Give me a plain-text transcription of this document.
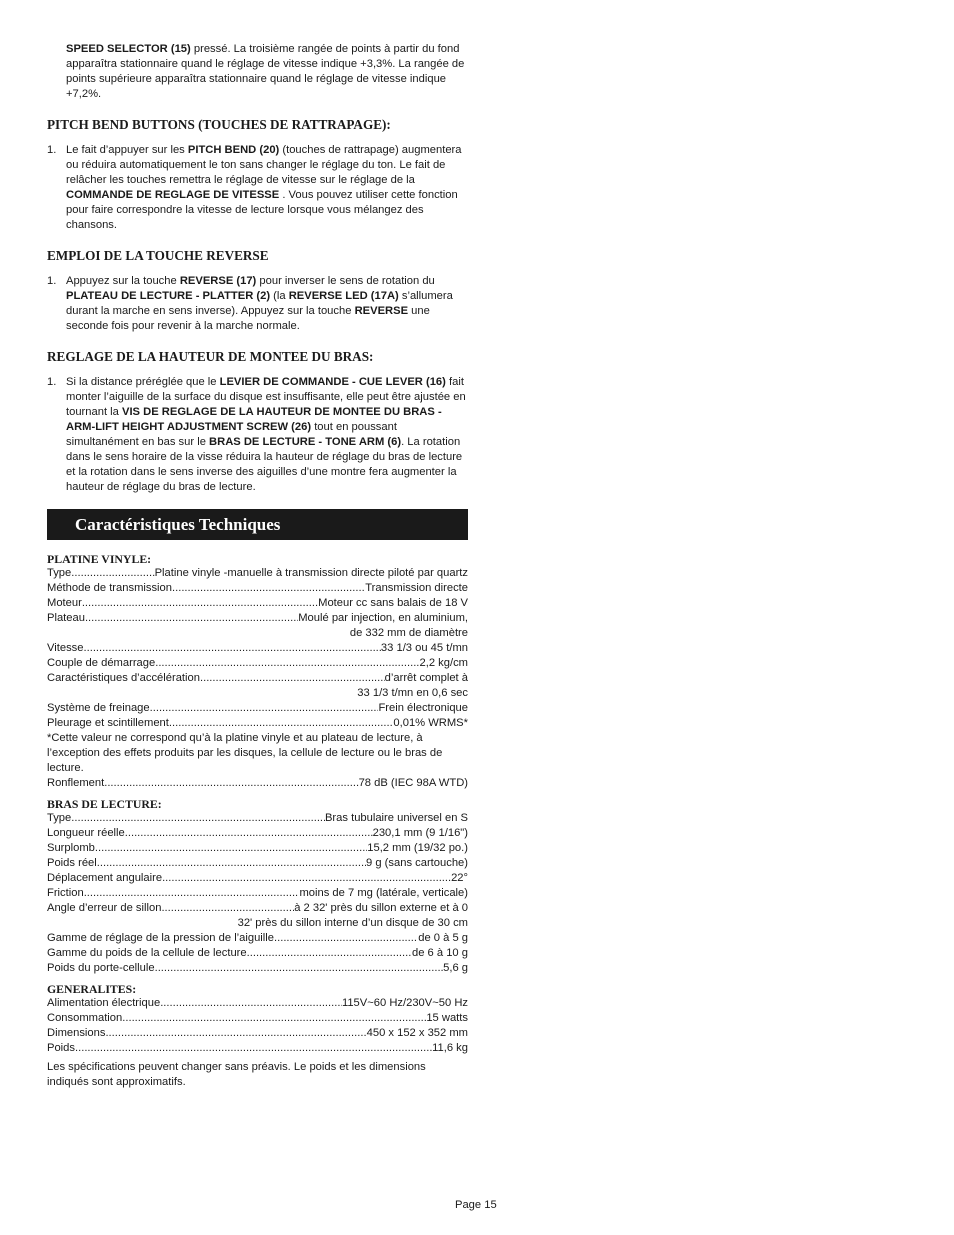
SPEED SELECTOR (15) pressé. La troisième rangée de points à partir du fond apparaîtra stationnaire quand le réglage de vitesse indique +3,3%. La rangée de points supérieure apparaîtra stationnaire quand le réglage de vitesse indique +7,2%.

PITCH BEND BUTTONS (TOUCHES DE RATTRAPAGE):
1. Le fait d’appuyer sur les PITCH BEND (20) (touches de rattrapage) augmentera ou réduira automatiquement le ton sans changer le réglage du ton. Le fait de relâcher les touches remettra le réglage de vitesse sur le réglage de la COMMANDE DE REGLAGE DE VITESSE . Vous pouvez utiliser cette fonction pour faire correspondre la vitesse de lecture lorsque vous mélangez des chansons.
EMPLOI DE LA TOUCHE REVERSE
1. Appuyez sur la touche REVERSE (17) pour inverser le sens de rotation du PLATEAU DE LECTURE - PLATTER (2) (la REVERSE LED (17A) s’allumera durant la marche en sens inverse). Appuyez sur la touche REVERSE une seconde fois pour revenir à la marche normale.
REGLAGE DE LA HAUTEUR DE MONTEE DU BRAS:
1. Si la distance préréglée que le LEVIER DE COMMANDE - CUE LEVER (16) fait monter l’aiguille de la surface du disque est insuffisante, elle peut être ajustée en tournant la VIS DE REGLAGE DE LA HAUTEUR DE MONTEE DU BRAS - ARM-LIFT HEIGHT ADJUSTMENT SCREW (26) tout en poussant simultanément en bas sur le BRAS DE LECTURE - TONE ARM (6). La rotation dans le sens horaire de la visse réduira la hauteur de réglage du bras de lecture et la rotation dans le sens inverse des aiguilles d’une montre fera augmenter la hauteur de réglage du bras de lecture.
Caractéristiques Techniques
PLATINE VINYLE:
Type .....	Platine vinyle -manuelle à transmission directe piloté par quartz
Méthode de transmission .....	Transmission directe
Moteur .....	Moteur cc sans balais de 18 V
Plateau .....	Moulé par injection, en aluminium,
de 332 mm de diamètre
Vitesse .....	33 1/3 ou 45 t/mn
Couple de démarrage .....	2,2 kg/cm
Caractéristiques d’accélération .....	d’arrêt complet à
33 1/3 t/mn en 0,6 sec
Système de freinage .....	Frein électronique
Pleurage et scintillement .....	0,01% WRMS*

*Cette valeur ne correspond qu’à la platine vinyle et au plateau de lecture, à l’exception des effets produits par les disques, la cellule de lecture ou le bras de lecture.

Ronflement .....	78 dB (IEC 98A WTD)
BRAS DE LECTURE:
Type .....	Bras tubulaire universel en S
Longueur réelle .....	230,1 mm (9 1/16")
Surplomb .....	15,2 mm (19/32 po.)
Poids réel .....	9 g (sans cartouche)
Déplacement angulaire .....	22°
Friction .....	moins de 7 mg (latérale, verticale)
Angle d’erreur de sillon .....	à 2 32' près du sillon externe et à 0
32' près du sillon interne d’un disque de 30 cm
Gamme de réglage de la pression de l’aiguille .....	de 0 à 5 g
Gamme du poids de la cellule de lecture .....	de 6 à 10 g
Poids du porte-cellule .....	5,6 g
GENERALITES:
Alimentation électrique .....	115V~60 Hz/230V~50 Hz
Consommation .....	15 watts
Dimensions .....	450 x 152 x 352 mm
Poids .....	11,6 kg

Les spécifications peuvent changer sans préavis. Le poids et les dimensions indiqués sont approximatifs.

Page 15
